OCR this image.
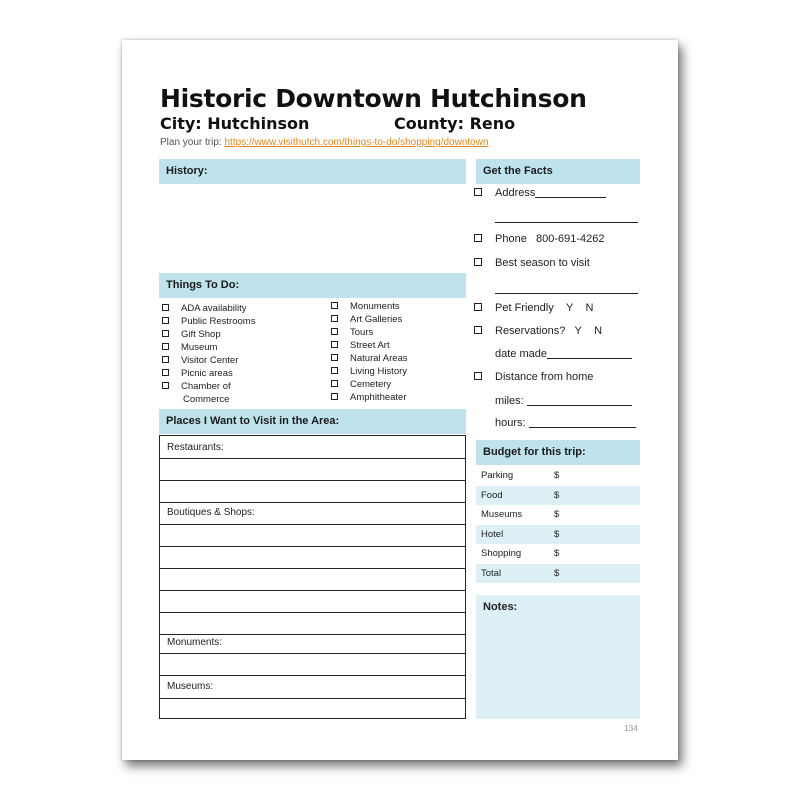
Historic Downtown Hutchinson
City: Hutchinson	County: Reno
Plan your trip: https://www.visithutch.com/things-to-do/shopping/downtown
History:
Things To Do:
ADA availability
Public Restrooms
Gift Shop
Museum
Visitor Center
Picnic areas
Chamber of
Commerce
Monuments
Art Galleries
Tours
Street Art
Natural Areas
Living History
Cemetery
Amphitheater
Places I Want to Visit in the Area:
Restaurants:
Boutiques & Shops:
Monuments:
Museums:
Get the Facts
Address
Phone 800-691-4262
Best season to visit
Pet Friendly Y N
Reservations? Y N
date made
Distance from home
miles:
hours:
Budget for this trip:
Parking	$
Food	$
Museums	$
Hotel	$
Shopping	$
Total	$
Notes:
134
